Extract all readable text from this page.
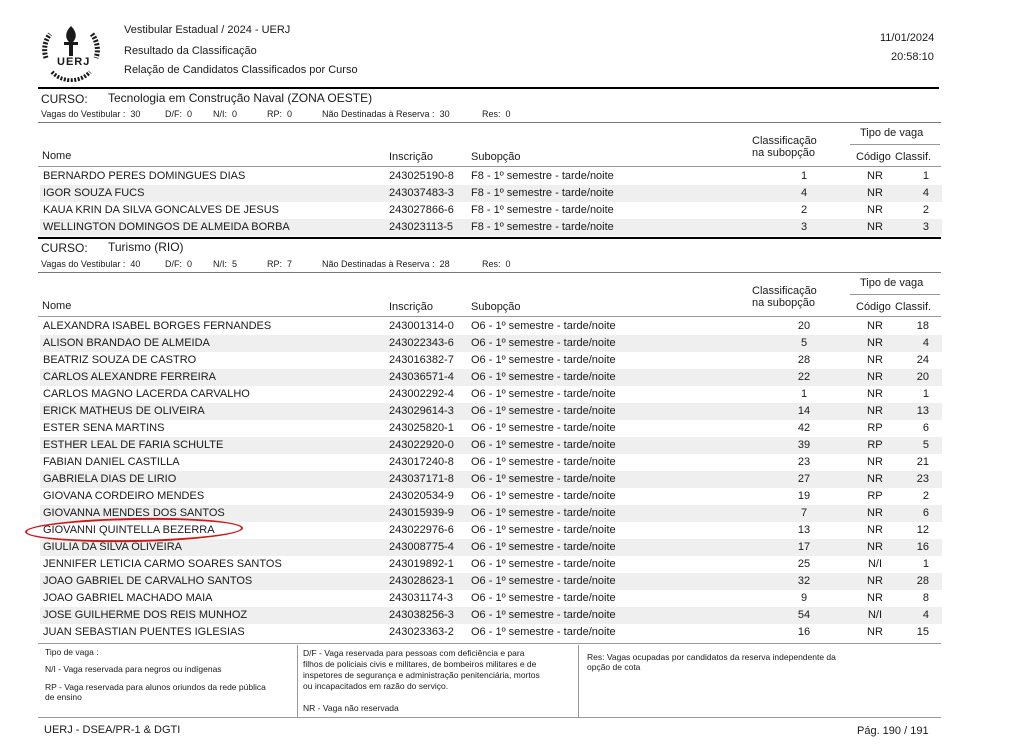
UERJ
Vestibular Estadual / 2024 - UERJ
Resultado da Classificação
Relação de Candidatos Classificados por Curso
11/01/2024
20:58:10
CURSO: Tecnologia em Construção Naval (ZONA OESTE)
Vagas do Vestibular : 30	D/F: 0 N/I: 0	RP: 0	Não Destinadas à Reserva : 30	Res: 0
Nome	Inscrição	Subopção
Classificação
na subopção
Tipo de vaga
Código Classif.
BERNARDO PERES DOMINGUES DIAS	243025190-8 F8 - 1º semestre - tarde/noite	1	NR	1
IGOR SOUZA FUCS	243037483-3 F8 - 1º semestre - tarde/noite	4	NR	4
KAUA KRIN DA SILVA GONCALVES DE JESUS	243027866-6 F8 - 1º semestre - tarde/noite	2	NR	2
WELLINGTON DOMINGOS DE ALMEIDA BORBA	243023113-5 F8 - 1º semestre - tarde/noite	3	NR	3
CURSO: Turismo (RIO)
Vagas do Vestibular : 40	D/F: 0 N/I: 5	RP: 7	Não Destinadas à Reserva : 28	Res: 0
Nome	Inscrição	Subopção
Classificação
na subopção
Tipo de vaga
Código Classif.
ALEXANDRA ISABEL BORGES FERNANDES	243001314-0 O6 - 1º semestre - tarde/noite	20	NR	18
ALISON BRANDAO DE ALMEIDA	243022343-6 O6 - 1º semestre - tarde/noite	5	NR	4
BEATRIZ SOUZA DE CASTRO	243016382-7 O6 - 1º semestre - tarde/noite	28	NR	24
CARLOS ALEXANDRE FERREIRA	243036571-4 O6 - 1º semestre - tarde/noite	22	NR	20
CARLOS MAGNO LACERDA CARVALHO	243002292-4 O6 - 1º semestre - tarde/noite	1	NR	1
ERICK MATHEUS DE OLIVEIRA	243029614-3 O6 - 1º semestre - tarde/noite	14	NR	13
ESTER SENA MARTINS	243025820-1 O6 - 1º semestre - tarde/noite	42	RP	6
ESTHER LEAL DE FARIA SCHULTE	243022920-0 O6 - 1º semestre - tarde/noite	39	RP	5
FABIAN DANIEL CASTILLA	243017240-8 O6 - 1º semestre - tarde/noite	23	NR	21
GABRIELA DIAS DE LIRIO	243037171-8 O6 - 1º semestre - tarde/noite	27	NR	23
GIOVANA CORDEIRO MENDES	243020534-9 O6 - 1º semestre - tarde/noite	19	RP	2
GIOVANNA MENDES DOS SANTOS	243015939-9 O6 - 1º semestre - tarde/noite	7	NR	6
GIOVANNI QUINTELLA BEZERRA	243022976-6 O6 - 1º semestre - tarde/noite	13	NR	12
GIULIA DA SILVA OLIVEIRA	243008775-4 O6 - 1º semestre - tarde/noite	17	NR	16
JENNIFER LETICIA CARMO SOARES SANTOS	243019892-1 O6 - 1º semestre - tarde/noite	25	N/I	1
JOAO GABRIEL DE CARVALHO SANTOS	243028623-1 O6 - 1º semestre - tarde/noite	32	NR	28
JOAO GABRIEL MACHADO MAIA	243031174-3 O6 - 1º semestre - tarde/noite	9	NR	8
JOSE GUILHERME DOS REIS MUNHOZ	243038256-3 O6 - 1º semestre - tarde/noite	54	N/I	4
JUAN SEBASTIAN PUENTES IGLESIAS	243023363-2 O6 - 1º semestre - tarde/noite	16	NR	15
Tipo de vaga :
N/I - Vaga reservada para negros ou indígenas
RP - Vaga reservada para alunos oriundos da rede pública
de ensino
D/F - Vaga reservada para pessoas com deficiência e para
filhos de policiais civis e militares, de bombeiros militares e de
inspetores de segurança e administração penitenciária, mortos
ou incapacitados em razão do serviço.
NR - Vaga não reservada
Res: Vagas ocupadas por candidatos da reserva independente da
opção de cota
UERJ - DSEA/PR-1 & DGTI	Pág. 190 / 191
